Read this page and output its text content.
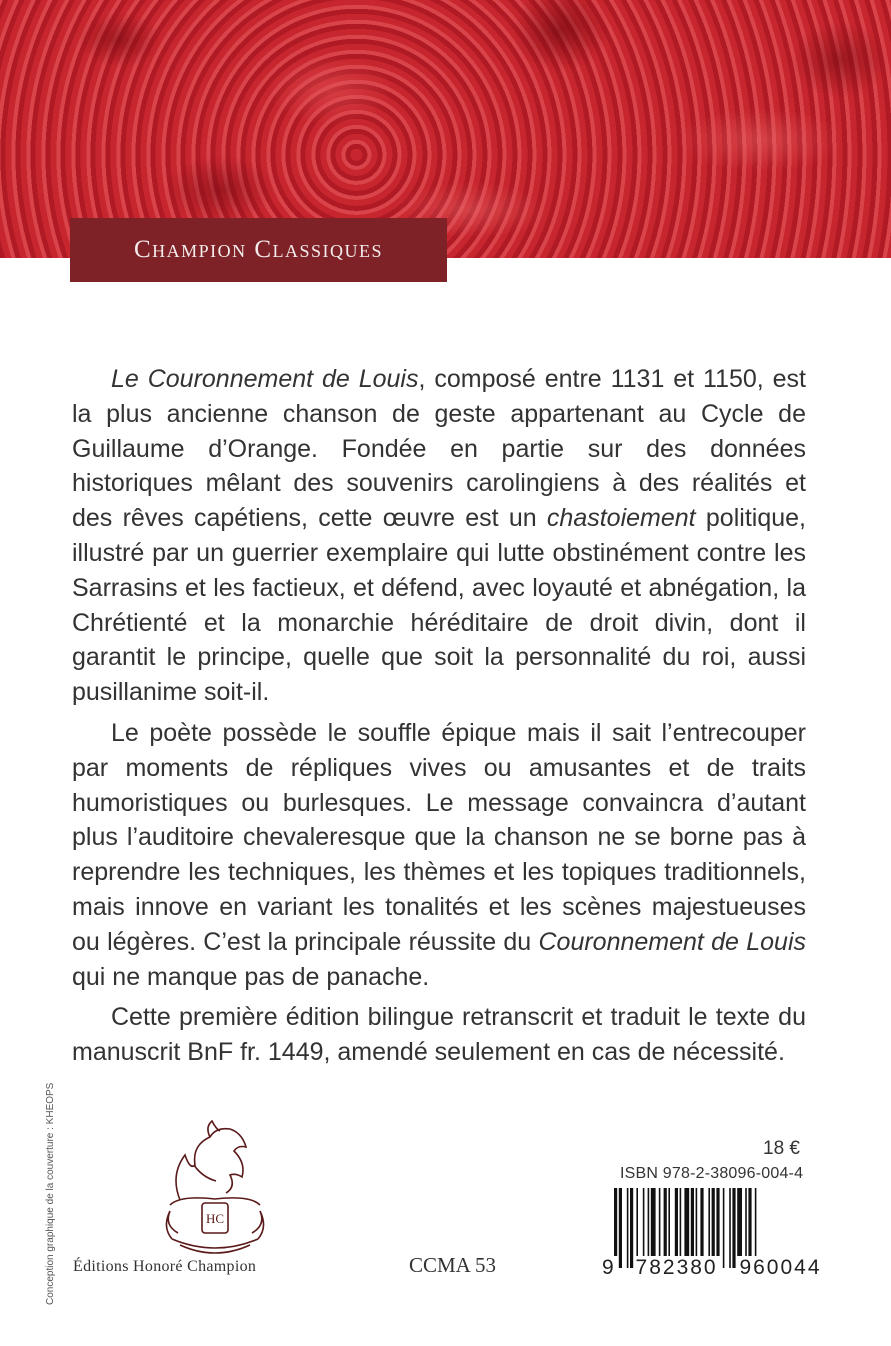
Champion Classiques

Le Couronnement de Louis, composé entre 1131 et 1150, est la plus ancienne chanson de geste appartenant au Cycle de Guillaume d’Orange. Fondée en partie sur des données historiques mêlant des souvenirs carolingiens à des réalités et des rêves capétiens, cette œuvre est un chastoiement politique, illustré par un guerrier exemplaire qui lutte obstinément contre les Sarrasins et les factieux, et défend, avec loyauté et abnégation, la Chrétienté et la monarchie héréditaire de droit divin, dont il garantit le principe, quelle que soit la personnalité du roi, aussi pusillanime soit-il.

Le poète possède le souffle épique mais il sait l’entrecouper par moments de répliques vives ou amusantes et de traits humoristiques ou burlesques. Le message convaincra d’autant plus l’auditoire chevaleresque que la chanson ne se borne pas à reprendre les techniques, les thèmes et les topiques traditionnels, mais innove en variant les tonalités et les scènes majestueuses ou légères. C’est la principale réussite du Couronnement de Louis qui ne manque pas de panache.

Cette première édition bilingue retranscrit et traduit le texte du manuscrit BnF fr. 1449, amendé seulement en cas de nécessité.

Conception graphique de la couverture : KHEOPS	HC
Éditions Honoré Champion	CCMA 53
18 €
ISBN 978-2-38096-004-4
9 782380 960044
